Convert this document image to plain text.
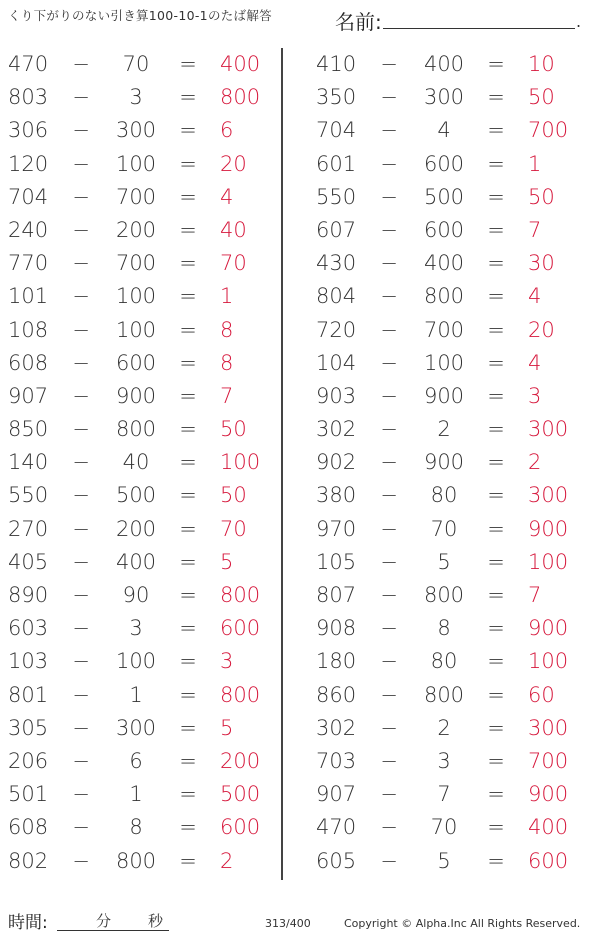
くり下がりのない引き算100-10-1のたば解答	名前:	.
470	−	70	= 400
803	−	3	= 800
306	−	300	= 6
120	−	100	= 20
704	−	700	= 4
240	−	200	= 40
770	−	700	= 70
101	−	100	= 1
108	−	100	= 8
608	−	600	= 8
907	−	900	= 7
850	−	800	= 50
140	−	40	= 100
550	−	500	= 50
270	−	200	= 70
405	−	400	= 5
890	−	90	= 800
603	−	3	= 600
103	−	100	= 3
801	−	1	= 800
305	−	300	= 5
206	−	6	= 200
501	−	1	= 500
608	−	8	= 600
802	−	800	= 2
410	−	400	= 10
350	−	300	= 50
704	−	4	= 700
601	−	600	= 1
550	−	500	= 50
607	−	600	= 7
430	−	400	= 30
804	−	800	= 4
720	−	700	= 20
104	−	100	= 4
903	−	900	= 3
302	−	2	= 300
902	−	900	= 2
380	−	80	= 300
970	−	70	= 900
105	−	5	= 100
807	−	800	= 7
908	−	8	= 900
180	−	80	= 100
860	−	800	= 60
302	−	2	= 300
703	−	3	= 700
907	−	7	= 900
470	−	70	= 400
605	−	5	= 600
時間:	分 秒	313/400	Copyright © Alpha.Inc All Rights Reserved.
